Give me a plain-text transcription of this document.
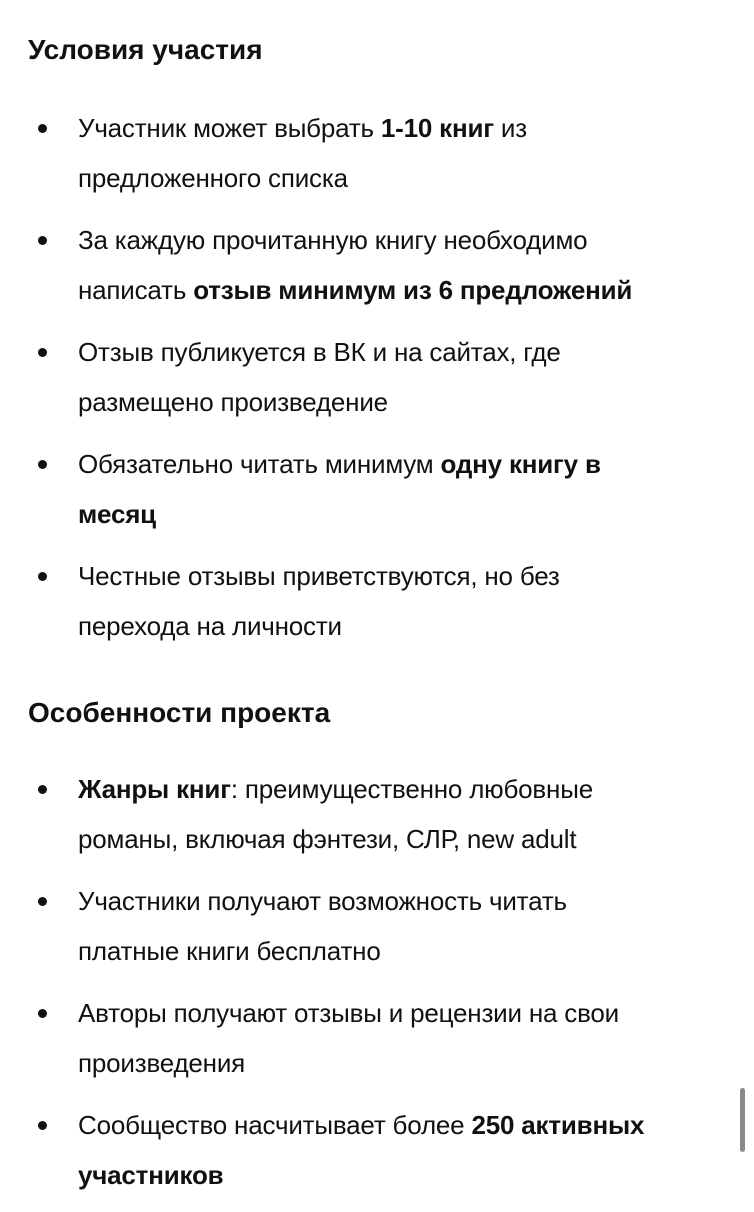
Условия участия
Участник может выбрать 1-10 книг из
предложенного списка
За каждую прочитанную книгу необходимо
написать отзыв минимум из 6 предложений
Отзыв публикуется в ВК и на сайтах, где
размещено произведение
Обязательно читать минимум одну книгу в
месяц
Честные отзывы приветствуются, но без
перехода на личности
Особенности проекта
Жанры книг: преимущественно любовные
романы, включая фэнтези, СЛР, new adult
Участники получают возможность читать
платные книги бесплатно
Авторы получают отзывы и рецензии на свои
произведения
Сообщество насчитывает более 250 активных
участников
